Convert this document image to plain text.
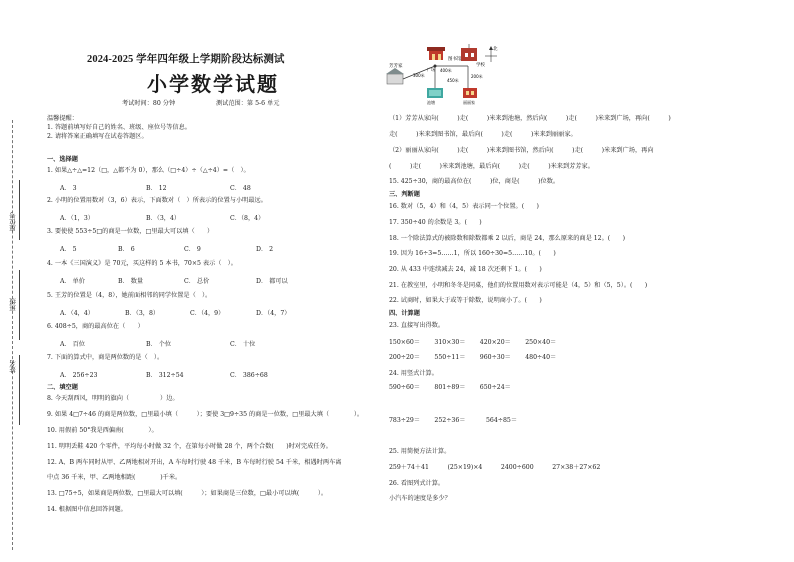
2024-2025 学年四年级上学期阶段达标测试
小学数学试题
考试时间：80 分钟	测试范围：第 5-6 单元
座位号
班级
姓名
温馨提醒：
1. 答题前填写好自己的姓名、班级、座位号等信息。
2. 请将答案正确填写在试卷答题区。
一、选择题
1. 如果△÷△=12（□，△都不为 0），那么（□÷4）÷（△÷4）=（　）。
A． 3	B． 12	C． 48
2. 小明的位置用数对（3，6）表示，下面数对（　）所表示的位置与小明最远。
A．（1，3）	B．（3，4）	C．（8，4）
3. 要使使 553÷5□的商是一位数，□里最大可以填（　　）
A． 5	B． 6	C． 9	D． 2
4. 一本《三国演义》是 70元，买这样的 5 本书，70×5 表示（　）。
A． 单价	B． 数量	C． 总价	D． 都可以
5. 王芳的位置是（4，8），她前面相邻的同学位置是（　）。
A．（4，4）	B．（3，8）	C．（4，9）	D．（4，7）
6. 408÷5，商的最高位在（　　）
A． 百位	B． 个位	C． 十位
7. 下面的算式中，商是两位数的是（　）。
A． 256÷23	B． 312÷54	C． 386÷68
二、填空题
8. 今天刮西风，明明的旗向（　　　　　）边。
9. 如果 4□7÷46 的商是两位数，□里最小填（　　　）；要使 3□9÷35 的商是一位数，□里最大填（　　　　）。
10. 用假前 50°我是西偏南(　　　　）。
11. 明明丢鞋 420 个零件，平均每小时做 32 个，在第每小时做 28 个，两个合数(　　)时对完成任务。
12. A、B 两车同时从甲、乙两地相对开出，A 车每时行驶 48 千米，B 车每时行驶 54 千米，相遇时两车离
中点 36 千米，甲、乙两地相距(　　　　)千米。
13. □75÷5，如果商是两位数，□里最大可以填(　　　）；如果商是三位数，□最小可以填(　　　）。
14. 根据图中信息回答问题。
图书馆
学校
北
芳芳家
400米
300米	200米
450米
广场
池塘	丽丽家
（1）芳芳从家向(　　　)走(　　　)米来到池塘，然后向(　　　)走(　　　)米来到广场，再向(　　　)
走(　　　)米来到图书馆，最后向(　　　)走(　　　)米来到丽丽家。
（2）丽丽从家向(　　　)走(　　　)米来到图书馆，然后向(　　　)走(　　　)米来到广场，再向
(　　　)走(　　　)米来到池塘，最后向(　　　)走(　　　)米来到芳芳家。
15. 425÷30，商的最高位在(　　　)位，商是(　　　)位数。
三、判断题
16. 数对（5，4）和（4，5）表示同一个位置。(　　)
17. 350÷40 的余数是 3。(　　)
18. 一个除法算式的被除数和除数都乘 2 以后，商是 24，那么原来的商是 12。(　　)
19. 因为 16÷3=5……1，所以 160÷30=5……10。(　　)
20. 从 433 中连续减去 24，减 18 次还剩下 1。(　　)
21. 在教室里，小明和冬冬是同桌，他们的位置用数对表示可能是（4，5）和（5，5）。(　　)
22. 试商时，如果大于或等于除数，说明商小了。(　　)
四、计算题
23. 直接写出得数。
150×60＝　　 310×30＝　　 420×20＝　　 250×40＝
200÷20＝　　 550÷11＝　　 960÷30＝　　 480÷40＝
24. 用竖式计算。
590÷60＝　　 801÷89＝　　 650÷24＝
783÷29＝　　 252÷36＝　　　 564÷85＝
25. 用简便方法计算。
259＋74＋41　　　(25×19)×4　　　2400÷600　　　27×38＋27×62
26. 看图列式计算。
小汽车的速度是多少？
